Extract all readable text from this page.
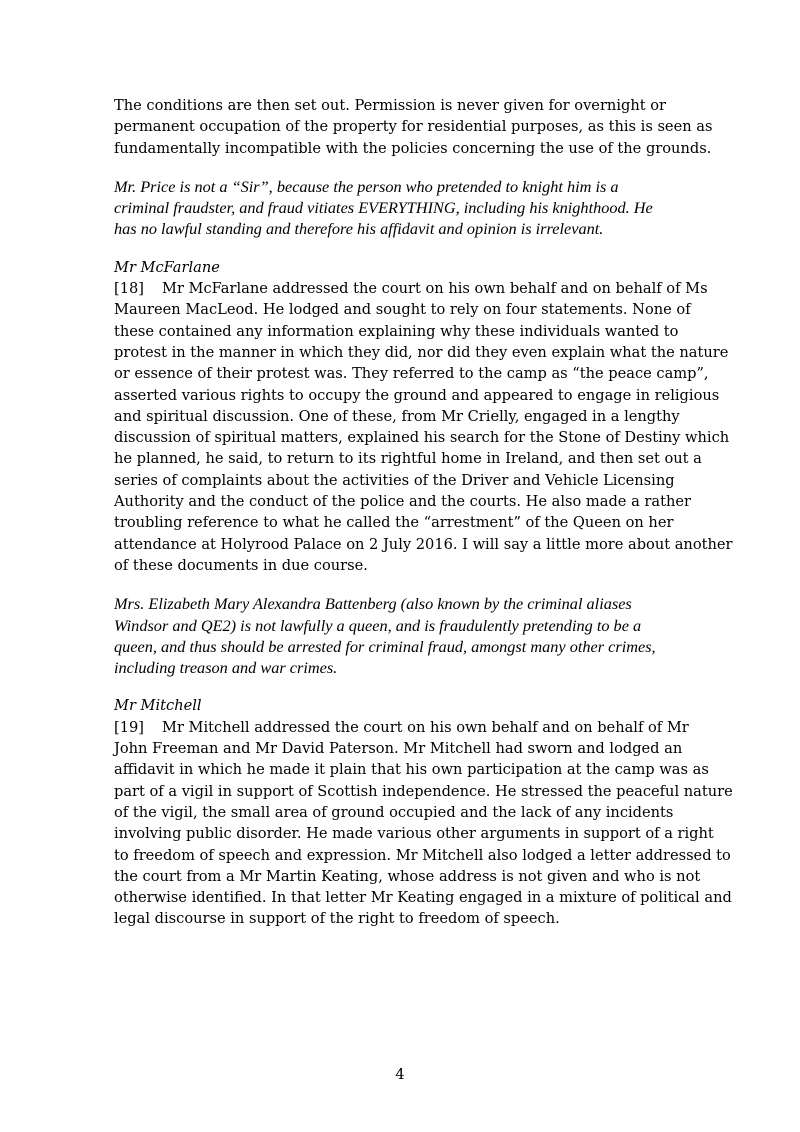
The conditions are then set out. Permission is never given for overnight or
permanent occupation of the property for residential purposes, as this is seen as
fundamentally incompatible with the policies concerning the use of the grounds.
Mr. Price is not a “Sir”, because the person who pretended to knight him is a
criminal fraudster, and fraud vitiates EVERYTHING, including his knighthood. He
has no lawful standing and therefore his affidavit and opinion is irrelevant.
Mr McFarlane
[18] Mr McFarlane addressed the court on his own behalf and on behalf of Ms
Maureen MacLeod. He lodged and sought to rely on four statements. None of
these contained any information explaining why these individuals wanted to
protest in the manner in which they did, nor did they even explain what the nature
or essence of their protest was. They referred to the camp as “the peace camp”,
asserted various rights to occupy the ground and appeared to engage in religious
and spiritual discussion. One of these, from Mr Crielly, engaged in a lengthy
discussion of spiritual matters, explained his search for the Stone of Destiny which
he planned, he said, to return to its rightful home in Ireland, and then set out a
series of complaints about the activities of the Driver and Vehicle Licensing
Authority and the conduct of the police and the courts. He also made a rather
troubling reference to what he called the “arrestment” of the Queen on her
attendance at Holyrood Palace on 2 July 2016. I will say a little more about another
of these documents in due course.
Mrs. Elizabeth Mary Alexandra Battenberg (also known by the criminal aliases
Windsor and QE2) is not lawfully a queen, and is fraudulently pretending to be a
queen, and thus should be arrested for criminal fraud, amongst many other crimes,
including treason and war crimes.
Mr Mitchell
[19] Mr Mitchell addressed the court on his own behalf and on behalf of Mr
John Freeman and Mr David Paterson. Mr Mitchell had sworn and lodged an
affidavit in which he made it plain that his own participation at the camp was as
part of a vigil in support of Scottish independence. He stressed the peaceful nature
of the vigil, the small area of ground occupied and the lack of any incidents
involving public disorder. He made various other arguments in support of a right
to freedom of speech and expression. Mr Mitchell also lodged a letter addressed to
the court from a Mr Martin Keating, whose address is not given and who is not
otherwise identified. In that letter Mr Keating engaged in a mixture of political and
legal discourse in support of the right to freedom of speech.
4
